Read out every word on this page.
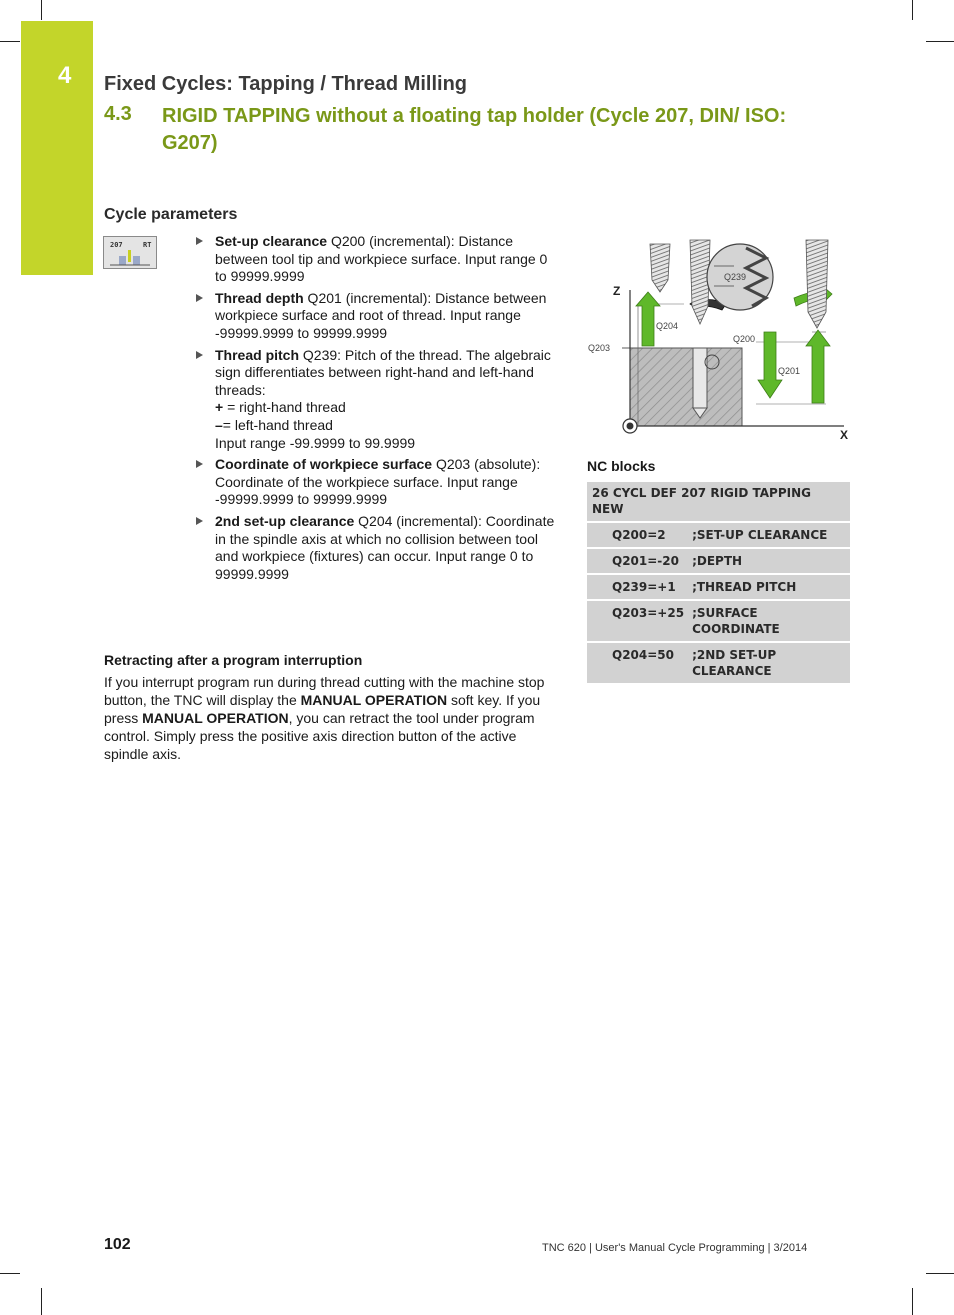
4 Fixed Cycles: Tapping / Thread Milling
4.3 RIGID TAPPING without a floating tap holder (Cycle 207, DIN/ ISO: G207)
Cycle parameters
207	RT	Set-up clearance Q200 (incremental): Distance between tool tip and workpiece surface. Input range 0 to 99999.9999
Thread depth Q201 (incremental): Distance between workpiece surface and root of thread. Input range -99999.9999 to 99999.9999
Thread pitch Q239: Pitch of the thread. The algebraic sign differentiates between right-hand and left-hand threads:
+ = right-hand thread
–= left-hand thread
Input range -99.9999 to 99.9999
Coordinate of workpiece surface Q203 (absolute): Coordinate of the workpiece surface. Input range -99999.9999 to 99999.9999
2nd set-up clearance Q204 (incremental): Coordinate in the spindle axis at which no collision between tool and workpiece (fixtures) can occur. Input range 0 to 99999.9999
Z
X
Q239
Q204
Q203
Q200
Q201
NC blocks
26 CYCL DEF 207 RIGID TAPPING NEW	
Q200=2	;SET-UP CLEARANCE
Q201=-20	;DEPTH
Q239=+1	;THREAD PITCH
Q203=+25	;SURFACE COORDINATE
Q204=50	;2ND SET-UP CLEARANCE
Retracting after a program interruption
If you interrupt program run during thread cutting with the machine stop button, the TNC will display the MANUAL OPERATION soft key. If you press MANUAL OPERATION, you can retract the tool under program control. Simply press the positive axis direction button of the active spindle axis.
102	TNC 620 | User's Manual Cycle Programming | 3/2014
